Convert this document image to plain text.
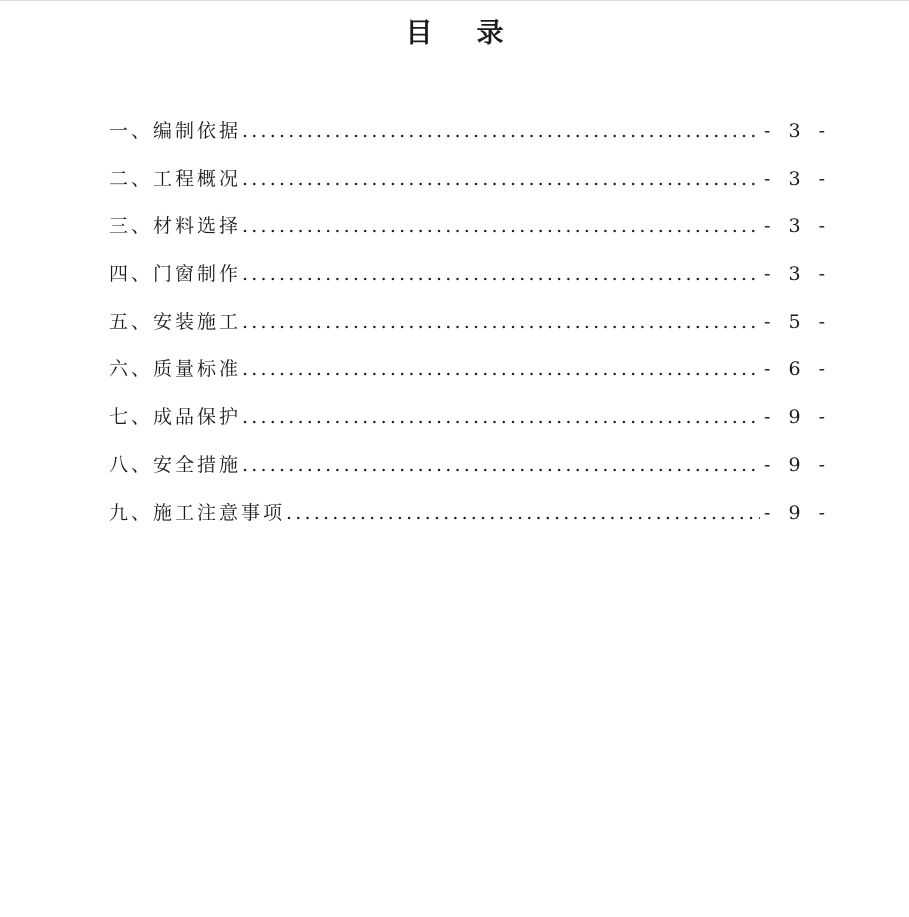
目 录
一、编制依据 .....	- 3 -
二、工程概况 .....	- 3 -
三、材料选择 .....	- 3 -
四、门窗制作 .....	- 3 -
五、安装施工 .....	- 5 -
六、质量标准 .....	- 6 -
七、成品保护 .....	- 9 -
八、安全措施 .....	- 9 -
九、施工注意事项 .....	- 9 -
